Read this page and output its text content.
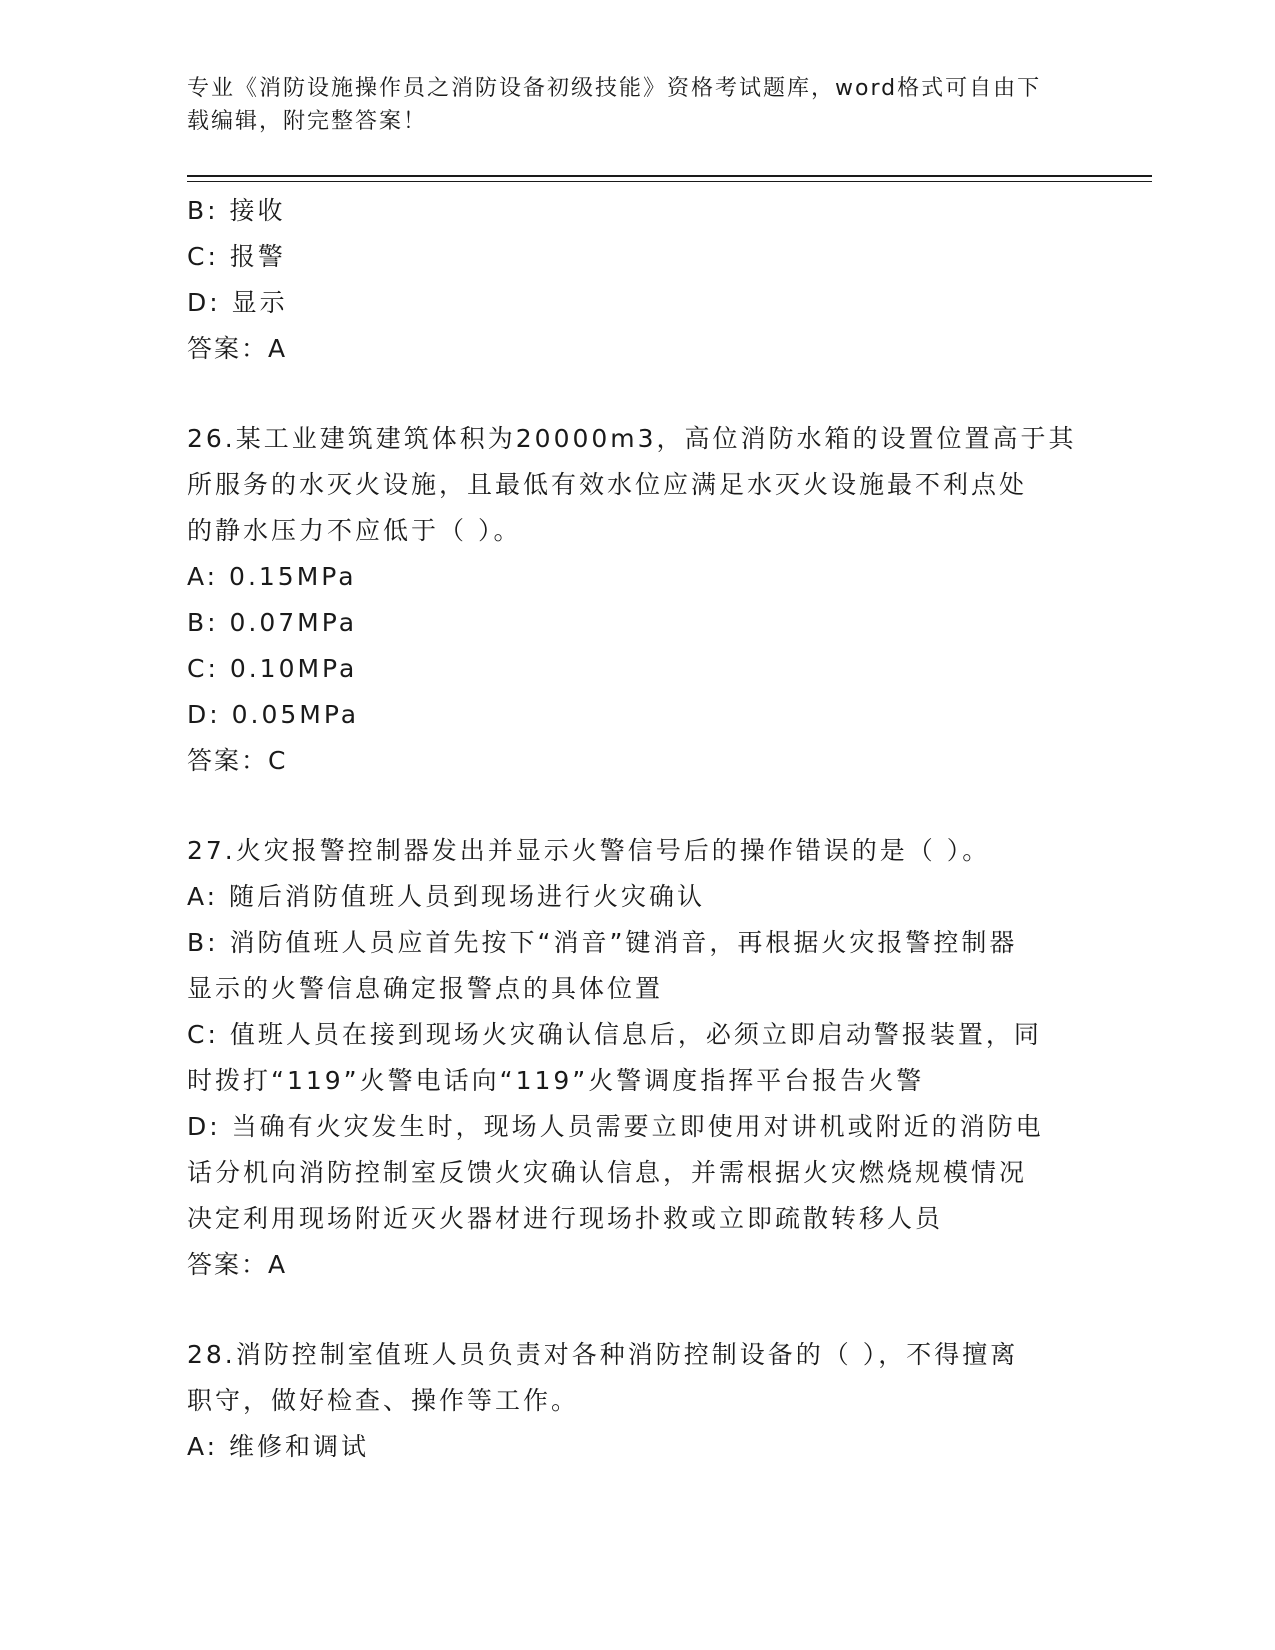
专业《消防设施操作员之消防设备初级技能》资格考试题库，word格式可自由下
载编辑，附完整答案！
B: 接收
C: 报警
D: 显示
答案：A
26.某工业建筑建筑体积为20000m3，高位消防水箱的设置位置高于其
所服务的水灭火设施，且最低有效水位应满足水灭火设施最不利点处
的静水压力不应低于（ ）。
A: 0.15MPa
B: 0.07MPa
C: 0.10MPa
D: 0.05MPa
答案：C
27.火灾报警控制器发出并显示火警信号后的操作错误的是（ ）。
A: 随后消防值班人员到现场进行火灾确认
B: 消防值班人员应首先按下“消音”键消音，再根据火灾报警控制器
显示的火警信息确定报警点的具体位置
C: 值班人员在接到现场火灾确认信息后，必须立即启动警报装置，同
时拨打“119”火警电话向“119”火警调度指挥平台报告火警
D: 当确有火灾发生时，现场人员需要立即使用对讲机或附近的消防电
话分机向消防控制室反馈火灾确认信息，并需根据火灾燃烧规模情况
决定利用现场附近灭火器材进行现场扑救或立即疏散转移人员
答案：A
28.消防控制室值班人员负责对各种消防控制设备的（ ），不得擅离
职守，做好检查、操作等工作。
A: 维修和调试
